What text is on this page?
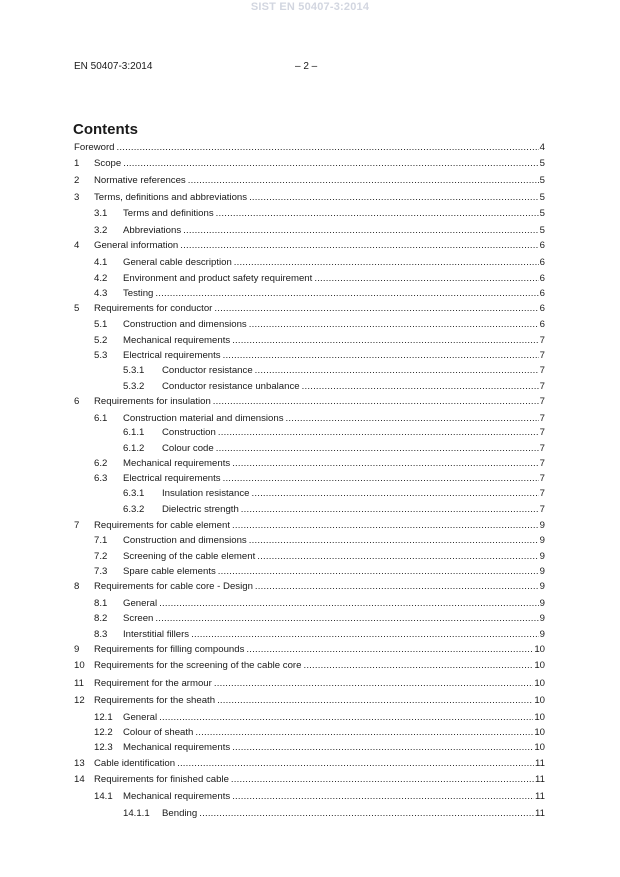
SIST EN 50407-3:2014
EN 50407-3:2014	– 2 –
Contents
Foreword .....	4
1	Scope .....	5
2	Normative references .....	5
3	Terms, definitions and abbreviations .....	5
3.1	Terms and definitions .....	5
3.2	Abbreviations .....	5
4	General information .....	6
4.1	General cable description .....	6
4.2	Environment and product safety requirement .....	6
4.3	Testing .....	6
5	Requirements for conductor .....	6
5.1	Construction and dimensions .....	6
5.2	Mechanical requirements .....	7
5.3	Electrical requirements .....	7
5.3.1	Conductor resistance .....	7
5.3.2	Conductor resistance unbalance .....	7
6	Requirements for insulation .....	7
6.1	Construction material and dimensions .....	7
6.1.1	Construction .....	7
6.1.2	Colour code .....	7
6.2	Mechanical requirements .....	7
6.3	Electrical requirements .....	7
6.3.1	Insulation resistance .....	7
6.3.2	Dielectric strength .....	7
7	Requirements for cable element .....	9
7.1	Construction and dimensions .....	9
7.2	Screening of the cable element .....	9
7.3	Spare cable elements .....	9
8	Requirements for cable core - Design .....	9
8.1	General .....	9
8.2	Screen .....	9
8.3	Interstitial fillers .....	9
9	Requirements for filling compounds .....	10
10 Requirements for the screening of the cable core .....	10
11	Requirement for the armour .....	10
12 Requirements for the sheath .....	10
12.1	General .....	10
12.2	Colour of sheath .....	10
12.3	Mechanical requirements .....	10
13 Cable identification .....	11
14 Requirements for finished cable .....	11
14.1	Mechanical requirements .....	11
14.1.1	Bending .....	11
